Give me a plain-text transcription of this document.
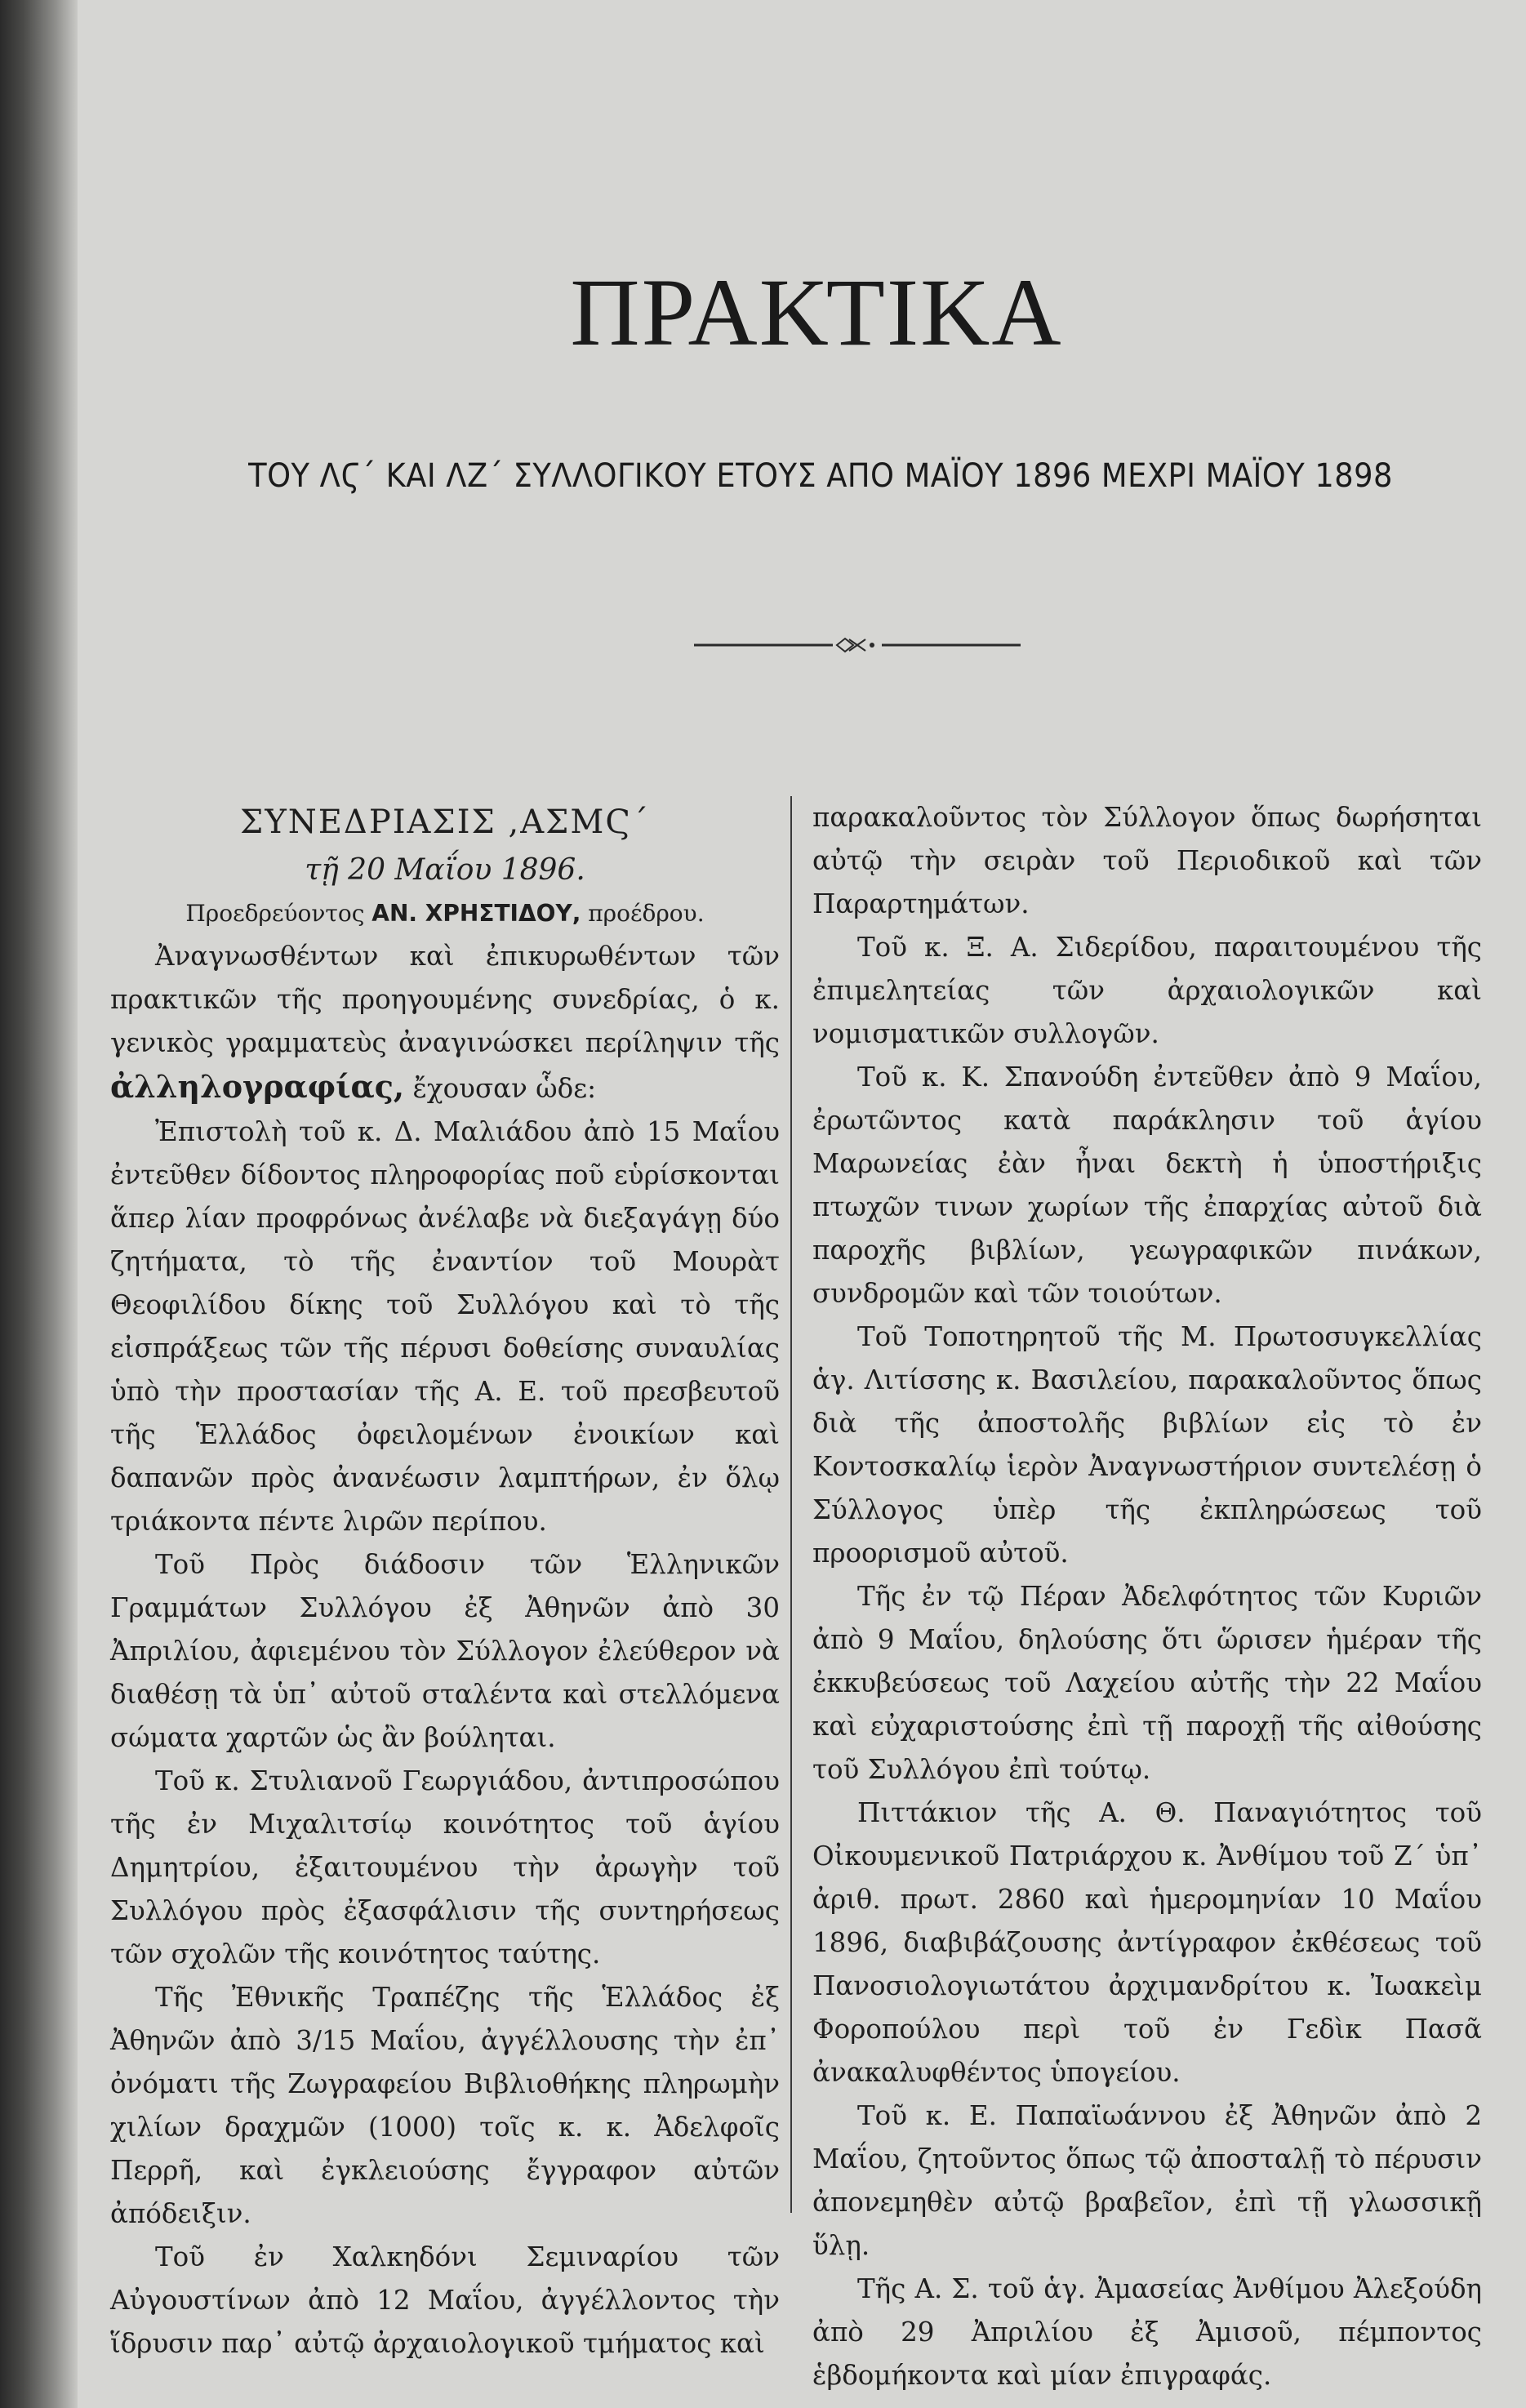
ΠΡΑΚΤΙΚΑ
ΤΟΥ ΛϚ΄ ΚΑΙ ΛΖ΄ ΣΥΛΛΟΓΙΚΟΥ ΕΤΟΥΣ ΑΠΟ ΜΑΪΟΥ 1896 ΜΕΧΡΙ ΜΑΪΟΥ 1898

ΣΥΝΕΔΡΙΑΣΙΣ ,ΑΣΜϚ΄

τῇ 20 Μαΐου 1896.

Προεδρεύοντος ΑΝ. ΧΡΗΣΤΙΔΟΥ, προέδρου.

Ἀναγνωσθέντων καὶ ἐπικυρωθέντων τῶν πρακτικῶν τῆς προηγουμένης συνεδρίας, ὁ κ. γενικὸς γραμματεὺς ἀναγινώσκει περίληψιν τῆς ἀλληλογραφίας, ἔχουσαν ὧδε:

Ἐπιστολὴ τοῦ κ. Δ. Μαλιάδου ἀπὸ 15 Μαΐου ἐντεῦθεν δίδοντος πληροφορίας ποῦ εὑρίσκονται ἅπερ λίαν προφρόνως ἀνέλαβε νὰ διεξαγάγῃ δύο ζητήματα, τὸ τῆς ἐναντίον τοῦ Μουρὰτ Θεοφιλίδου δίκης τοῦ Συλλόγου καὶ τὸ τῆς εἰσπράξεως τῶν τῆς πέρυσι δοθείσης συναυλίας ὑπὸ τὴν προστασίαν τῆς Α. Ε. τοῦ πρεσβευτοῦ τῆς Ἑλλάδος ὀφειλομένων ἐνοικίων καὶ δαπανῶν πρὸς ἀνανέωσιν λαμπτήρων, ἐν ὅλῳ τριάκοντα πέντε λιρῶν περίπου.

Τοῦ Πρὸς διάδοσιν τῶν Ἑλληνικῶν Γραμμάτων Συλλόγου ἐξ Ἀθηνῶν ἀπὸ 30 Ἀπριλίου, ἀφιεμένου τὸν Σύλλογον ἐλεύθερον νὰ διαθέσῃ τὰ ὑπ᾽ αὐτοῦ σταλέντα καὶ στελλόμενα σώματα χαρτῶν ὡς ἂν βούληται.

Τοῦ κ. Στυλιανοῦ Γεωργιάδου, ἀντιπροσώπου τῆς ἐν Μιχαλιτσίῳ κοινότητος τοῦ ἁγίου Δημητρίου, ἐξαιτουμένου τὴν ἀρωγὴν τοῦ Συλλόγου πρὸς ἐξασφάλισιν τῆς συντηρήσεως τῶν σχολῶν τῆς κοινότητος ταύτης.

Τῆς Ἐθνικῆς Τραπέζης τῆς Ἑλλάδος ἐξ Ἀθηνῶν ἀπὸ 3/15 Μαΐου, ἀγγέλλουσης τὴν ἐπ᾽ ὀνόματι τῆς Ζωγραφείου Βιβλιοθήκης πληρωμὴν χιλίων δραχμῶν (1000) τοῖς κ. κ. Ἀδελφοῖς Περρῆ, καὶ ἐγκλειούσης ἔγγραφον αὐτῶν ἀπόδειξιν.

Τοῦ ἐν Χαλκηδόνι Σεμιναρίου τῶν Αὐγουστίνων ἀπὸ 12 Μαΐου, ἀγγέλλοντος τὴν ἵδρυσιν παρ᾽ αὐτῷ ἀρχαιολογικοῦ τμήματος καὶ

παρακαλοῦντος τὸν Σύλλογον ὅπως δωρήσηται αὐτῷ τὴν σειρὰν τοῦ Περιοδικοῦ καὶ τῶν Παραρτημάτων.

Τοῦ κ. Ξ. Α. Σιδερίδου, παραιτουμένου τῆς ἐπιμελητείας τῶν ἀρχαιολογικῶν καὶ νομισματικῶν συλλογῶν.

Τοῦ κ. Κ. Σπανούδη ἐντεῦθεν ἀπὸ 9 Μαΐου, ἐρωτῶντος κατὰ παράκλησιν τοῦ ἁγίου Μαρωνείας ἐὰν ἦναι δεκτὴ ἡ ὑποστήριξις πτωχῶν τινων χωρίων τῆς ἐπαρχίας αὐτοῦ διὰ παροχῆς βιβλίων, γεωγραφικῶν πινάκων, συνδρομῶν καὶ τῶν τοιούτων.

Τοῦ Τοποτηρητοῦ τῆς Μ. Πρωτοσυγκελλίας ἁγ. Λιτίσσης κ. Βασιλείου, παρακαλοῦντος ὅπως διὰ τῆς ἀποστολῆς βιβλίων εἰς τὸ ἐν Κοντοσκαλίῳ ἱερὸν Ἀναγνωστήριον συντελέσῃ ὁ Σύλλογος ὑπὲρ τῆς ἐκπληρώσεως τοῦ προορισμοῦ αὐτοῦ.

Τῆς ἐν τῷ Πέραν Ἀδελφότητος τῶν Κυριῶν ἀπὸ 9 Μαΐου, δηλούσης ὅτι ὥρισεν ἡμέραν τῆς ἐκκυβεύσεως τοῦ Λαχείου αὐτῆς τὴν 22 Μαΐου καὶ εὐχαριστούσης ἐπὶ τῇ παροχῇ τῆς αἰθούσης τοῦ Συλλόγου ἐπὶ τούτῳ.

Πιττάκιον τῆς Α. Θ. Παναγιότητος τοῦ Οἰκουμενικοῦ Πατριάρχου κ. Ἀνθίμου τοῦ Ζ΄ ὑπ᾽ ἀριθ. πρωτ. 2860 καὶ ἡμερομηνίαν 10 Μαΐου 1896, διαβιβάζουσης ἀντίγραφον ἐκθέσεως τοῦ Πανοσιολογιωτάτου ἀρχιμανδρίτου κ. Ἰωακεὶμ Φοροπούλου περὶ τοῦ ἐν Γεδὶκ Πασᾶ ἀνακαλυφθέντος ὑπογείου.

Τοῦ κ. Ε. Παπαϊωάννου ἐξ Ἀθηνῶν ἀπὸ 2 Μαΐου, ζητοῦντος ὅπως τῷ ἀποσταλῇ τὸ πέρυσιν ἀπονεμηθὲν αὐτῷ βραβεῖον, ἐπὶ τῇ γλωσσικῇ ὕλῃ.

Τῆς Α. Σ. τοῦ ἁγ. Ἀμασείας Ἀνθίμου Ἀλεξούδη ἀπὸ 29 Ἀπριλίου ἐξ Ἀμισοῦ, πέμποντος ἑβδομήκοντα καὶ μίαν ἐπιγραφάς.
